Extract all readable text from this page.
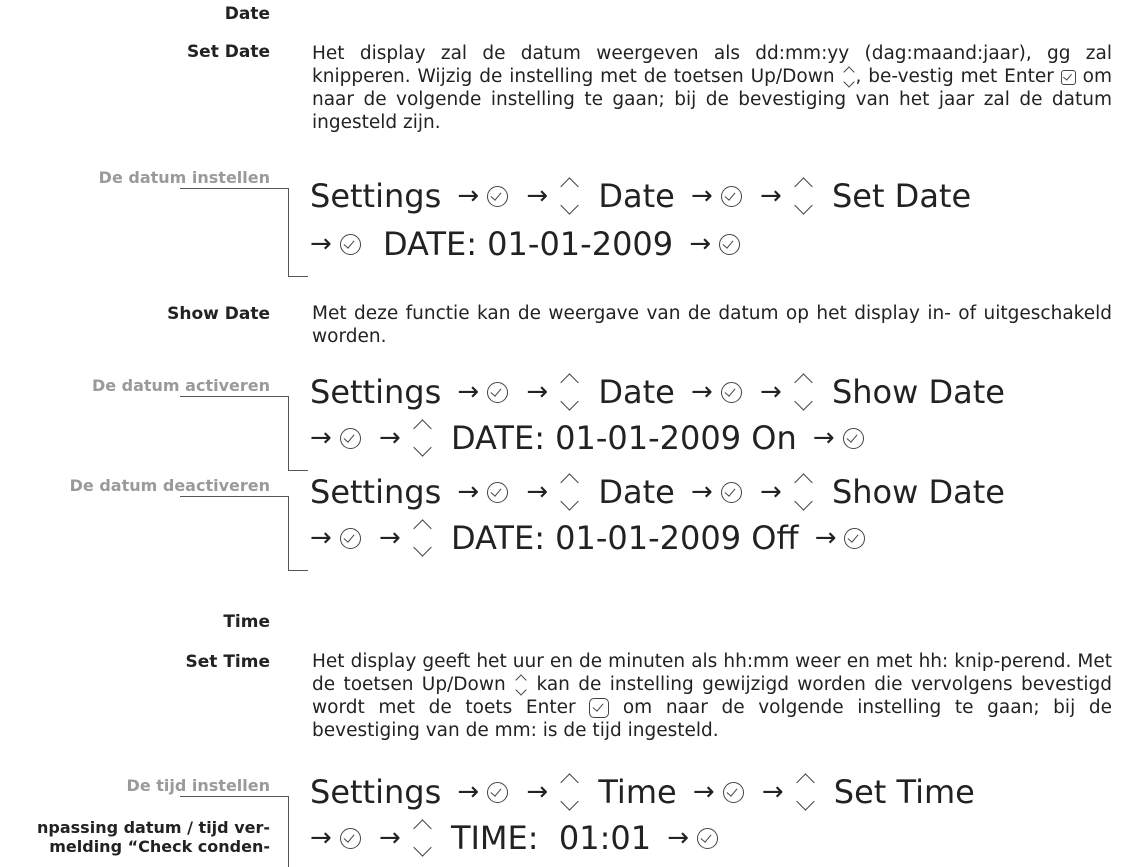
Date
Set Date Het display zal de datum weergeven als dd:mm:yy (dag:maand:jaar), gg zal knipperen. Wijzig de instelling met de toetsen Up/Down , be-vestig met Enter om naar de volgende instelling te gaan; bij de bevestiging van het jaar zal de datum ingesteld zijn.
De datum instellen Settings → → Date → → Set Date
→ DATE: 01-01-2009 →
Show Date Met deze functie kan de weergave van de datum op het display in- of uitgeschakeld worden.
De datum activeren Settings → → Date → → Show Date
→ → DATE: 01-01-2009 On →
De datum deactiveren Settings → → Date → → Show Date
→ → DATE: 01-01-2009 Off →
Time
Set Time Het display geeft het uur en de minuten als hh:mm weer en met hh: knip-perend. Met de toetsen Up/Down kan de instelling gewijzigd worden die vervolgens bevestigd wordt met de toets Enter	om naar de volgende instelling te gaan; bij de bevestiging van de mm: is de tijd ingesteld.
De tijd instellen Settings → → Time → → Set Time
→ → TIME:  01:01 →
npassing datum / tijd ver-melding “Check conden-
